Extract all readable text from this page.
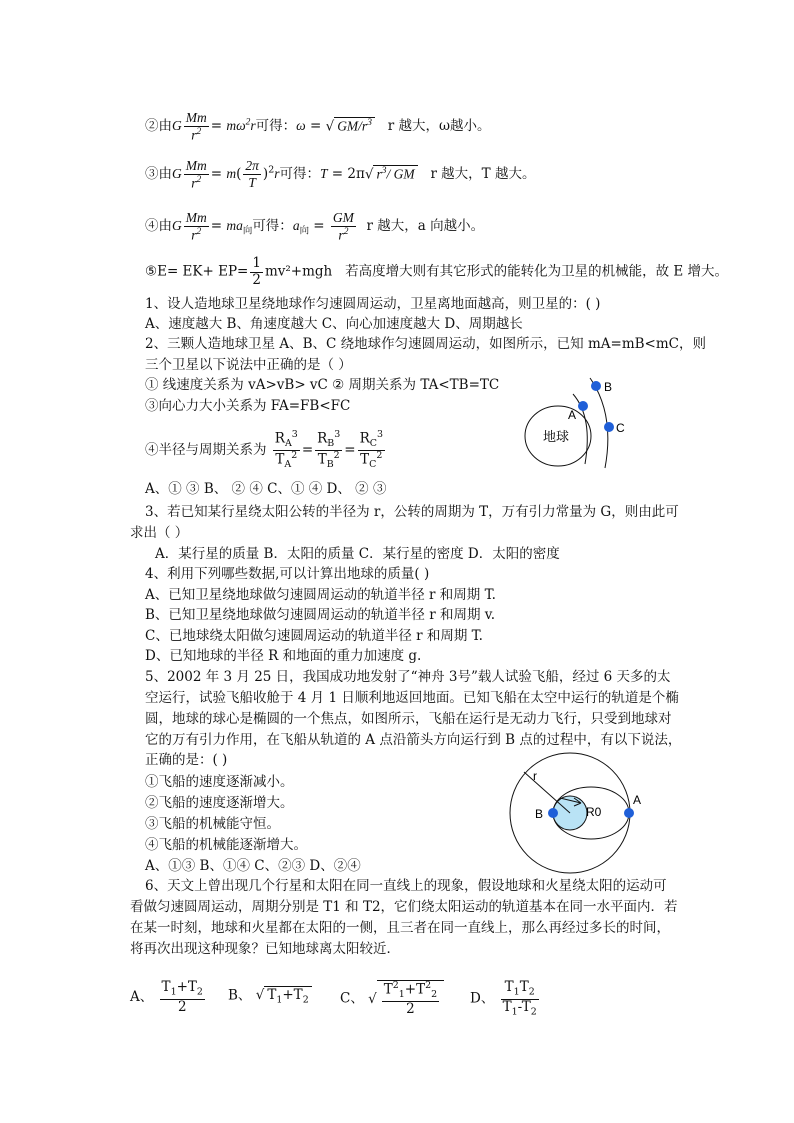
②由G $\frac{Mm}{r^2} = m\omega^2r$可得：ω = √ $GM/r^3$ r 越大，ω越小。
③由G $\frac{Mm}{r^2} = m( \frac{2\pi}{T} )^2r$可得：T = 2π√ $r^3/$ GM r 越大，T 越大。
④由G $\frac{Mm}{r^2} = ma_向$可得：$a_向 = \frac{GM}{r^2}$ r 越大，a 向越小。
⑤E= $EK+ EP= \frac{1}{2} mv^2+mgh$ 若高度增大则有其它形式的能转化为卫星的机械能，故 E 增大。
1、设人造地球卫星绕地球作匀速圆周运动，卫星离地面越高，则卫星的：( )
A、速度越大 B、角速度越大 C、向心加速度越大 D、周期越长
2、三颗人造地球卫星 A、B、C 绕地球作匀速圆周运动，如图所示，已知 mA=mB<mC，则
三个卫星以下说法中正确的是（ ）
① 线速度关系为 vA>vB> vC ② 周期关系为 TA<TB=TC
③向心力大小关系为 FA=FB<FC
④半径与周期关系为 $\frac{R_A^3}{T_A^2} = \frac{R_B^3}{T_B^2} = \frac{R_C^3}{T_C^2}$
A、① ③ B、 ② ④ C、① ④ D、 ② ③
地球
A
B
C
3、若已知某行星绕太阳公转的半径为 r，公转的周期为 T，万有引力常量为 G，则由此可
求出（ ）
A．某行星的质量 B．太阳的质量 C．某行星的密度 D．太阳的密度
4、利用下列哪些数据,可以计算出地球的质量( )
A、已知卫星绕地球做匀速圆周运动的轨道半径 r 和周期 T.
B、已知卫星绕地球做匀速圆周运动的轨道半径 r 和周期 v.
C、已地球绕太阳做匀速圆周运动的轨道半径 r 和周期 T.
D、已知地球的半径 R 和地面的重力加速度 g.
5、2002 年 3 月 25 日，我国成功地发射了“神舟 3号”载人试验飞船，经过 6 天多的太
空运行，试验飞船收舱于 4 月 1 日顺利地返回地面。已知飞船在太空中运行的轨道是个椭
圆，地球的球心是椭圆的一个焦点，如图所示，飞船在运行是无动力飞行，只受到地球对
它的万有引力作用，在飞船从轨道的 A 点沿箭头方向运行到 B 点的过程中，有以下说法，
正确的是：( )
①飞船的速度逐渐减小。
②飞船的速度逐渐增大。
③飞船的机械能守恒。
④飞船的机械能逐渐增大。
A、①③ B、①④ C、②③ D、②④
r
B
A
R0
6、天文上曾出现几个行星和太阳在同一直线上的现象，假设地球和火星绕太阳的运动可
看做匀速圆周运动，周期分别是 T1 和 T2，它们绕太阳运动的轨道基本在同一水平面内．若
在某一时刻，地球和火星都在太阳的一侧，且三者在同一直线上，那么再经过多长的时间，
将再次出现这种现象？已知地球离太阳较近．
A、 $\frac{T_1+T_2}{2}$ B、 √ $T_1+T_2$ C、 √ $\frac{T^2_1+T^2_2}{2}$ D、 $\frac{T_1T_2}{T_1-T_2}$
